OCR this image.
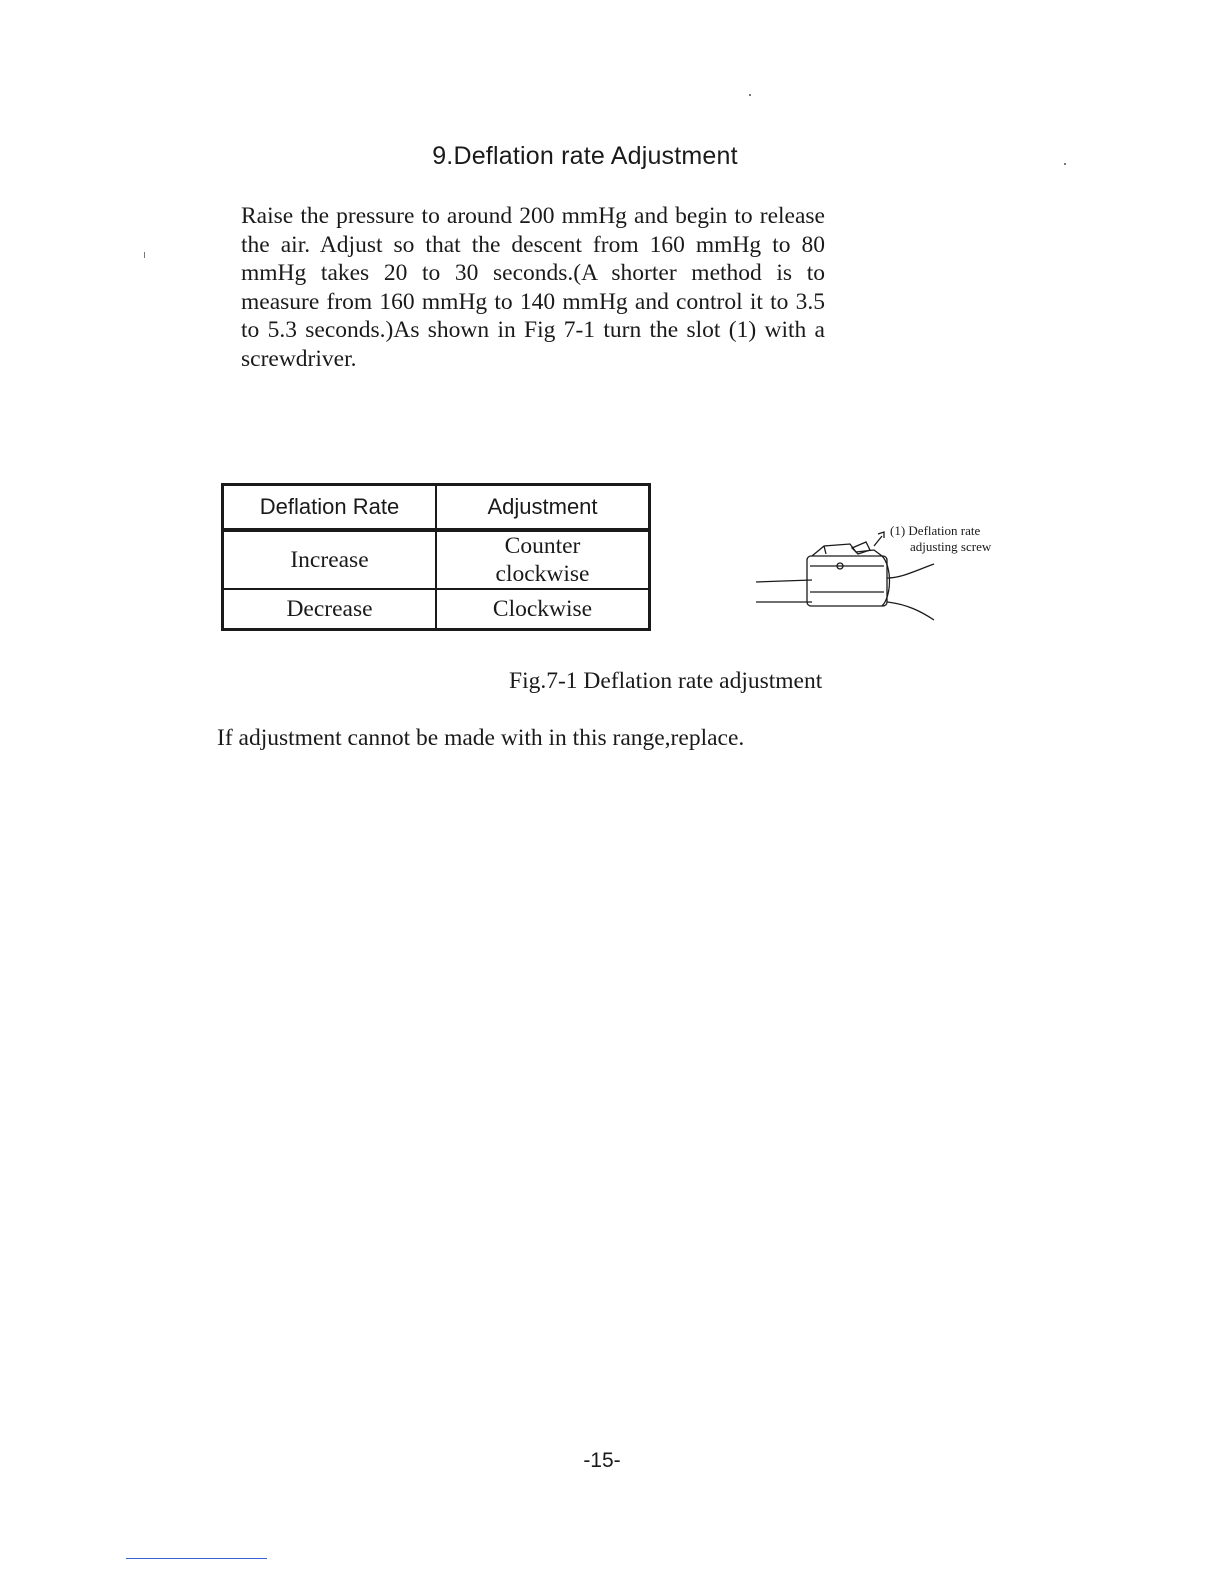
9.Deflation rate Adjustment

Raise the pressure to around 200 mmHg and begin to release the air. Adjust so that the descent from 160 mmHg to 80 mmHg takes 20 to 30 seconds.(A shorter method is to measure from 160 mmHg to 140 mmHg and control it to 3.5 to 5.3 seconds.)As shown in Fig 7-1 turn the slot (1) with a screwdriver.

Deflation Rate	Adjustment
Increase	Counter clockwise
Decrease	Clockwise
(1) Deflation rate
adjusting screw
Fig.7-1 Deflation rate adjustment
If adjustment cannot be made with in this range,replace.
-15-
